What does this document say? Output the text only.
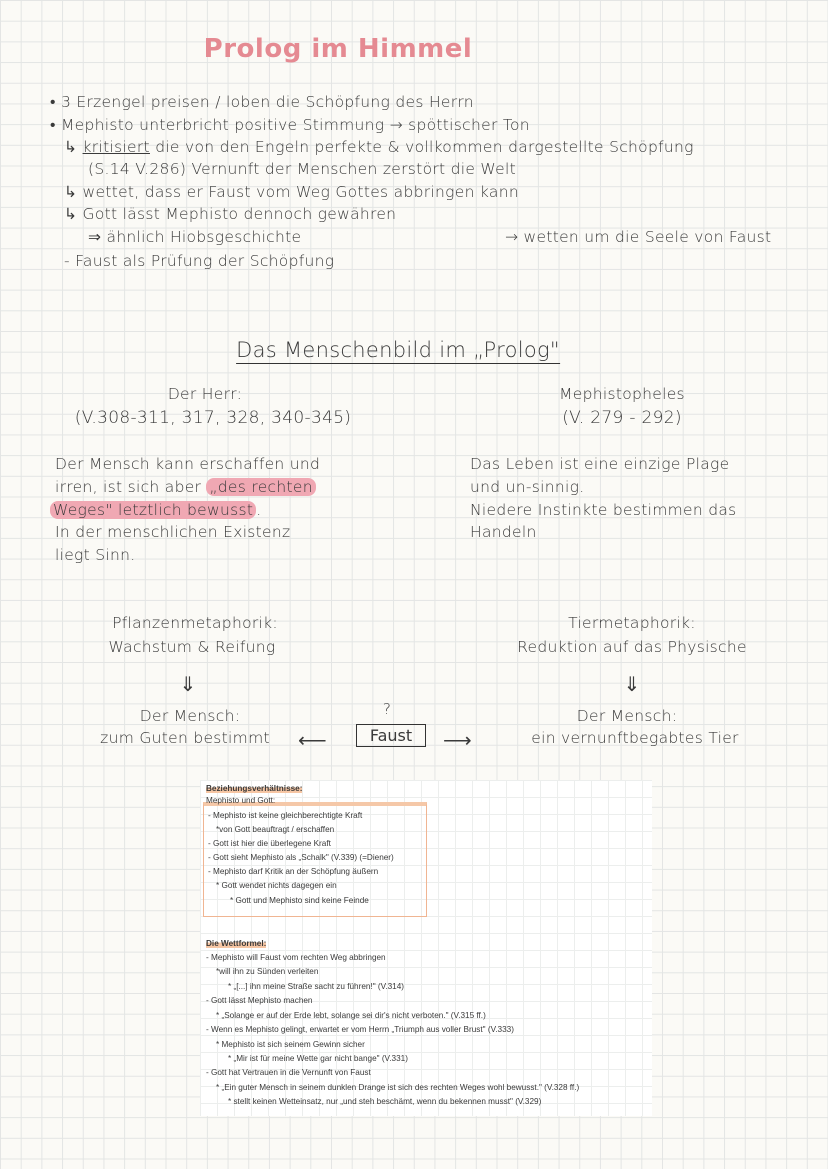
Prolog im Himmel
• 3 Erzengel preisen / loben die Schöpfung des Herrn
• Mephisto unterbricht positive Stimmung → spöttischer Ton
↳ kritisiert die von den Engeln perfekte & vollkommen dargestellte Schöpfung
(S.14 V.286) Vernunft der Menschen zerstört die Welt
↳ wettet, dass er Faust vom Weg Gottes abbringen kann
↳ Gott lässt Mephisto dennoch gewähren
⇒ ähnlich Hiobsgeschichte	→ wetten um die Seele von Faust
- Faust als Prüfung der Schöpfung
Das Menschenbild im „Prolog"
Der Herr:
(V.308-311, 317, 328, 340-345)
Mephistopheles
(V. 279 - 292)
Der Mensch kann erschaffen und
irren, ist sich aber „des rechten
Weges" letztlich bewusst .
In der menschlichen Existenz
liegt Sinn.
Das Leben ist eine einzige Plage
und un-sinnig.
Niedere Instinkte bestimmen das
Handeln
Pflanzenmetaphorik:
Wachstum & Reifung
⇓
Der Mensch:
zum Guten bestimmt
Tiermetaphorik:
Reduktion auf das Physische
⇓
Der Mensch:
ein vernunftbegabtes Tier
?
Faust
⟵	⟶
Beziehungsverhältnisse:
Mephisto und Gott:
- Mephisto ist keine gleichberechtigte Kraft
*von Gott beauftragt / erschaffen
- Gott ist hier die überlegene Kraft
- Gott sieht Mephisto als „Schalk" (V.339) (=Diener)
- Mephisto darf Kritik an der Schöpfung äußern
* Gott wendet nichts dagegen ein
* Gott und Mephisto sind keine Feinde
Die Wettformel:
- Mephisto will Faust vom rechten Weg abbringen
*will ihn zu Sünden verleiten
* „[...] ihn meine Straße sacht zu führen!" (V.314)
- Gott lässt Mephisto machen
* „Solange er auf der Erde lebt, solange sei dir's nicht verboten." (V.315 ff.)
- Wenn es Mephisto gelingt, erwartet er vom Herrn „Triumph aus voller Brust" (V.333)
* Mephisto ist sich seinem Gewinn sicher
* „Mir ist für meine Wette gar nicht bange" (V.331)
- Gott hat Vertrauen in die Vernunft von Faust
* „Ein guter Mensch in seinem dunklen Drange ist sich des rechten Weges wohl bewusst." (V.328 ff.)
* stellt keinen Wetteinsatz, nur „und steh beschämt, wenn du bekennen musst" (V.329)
